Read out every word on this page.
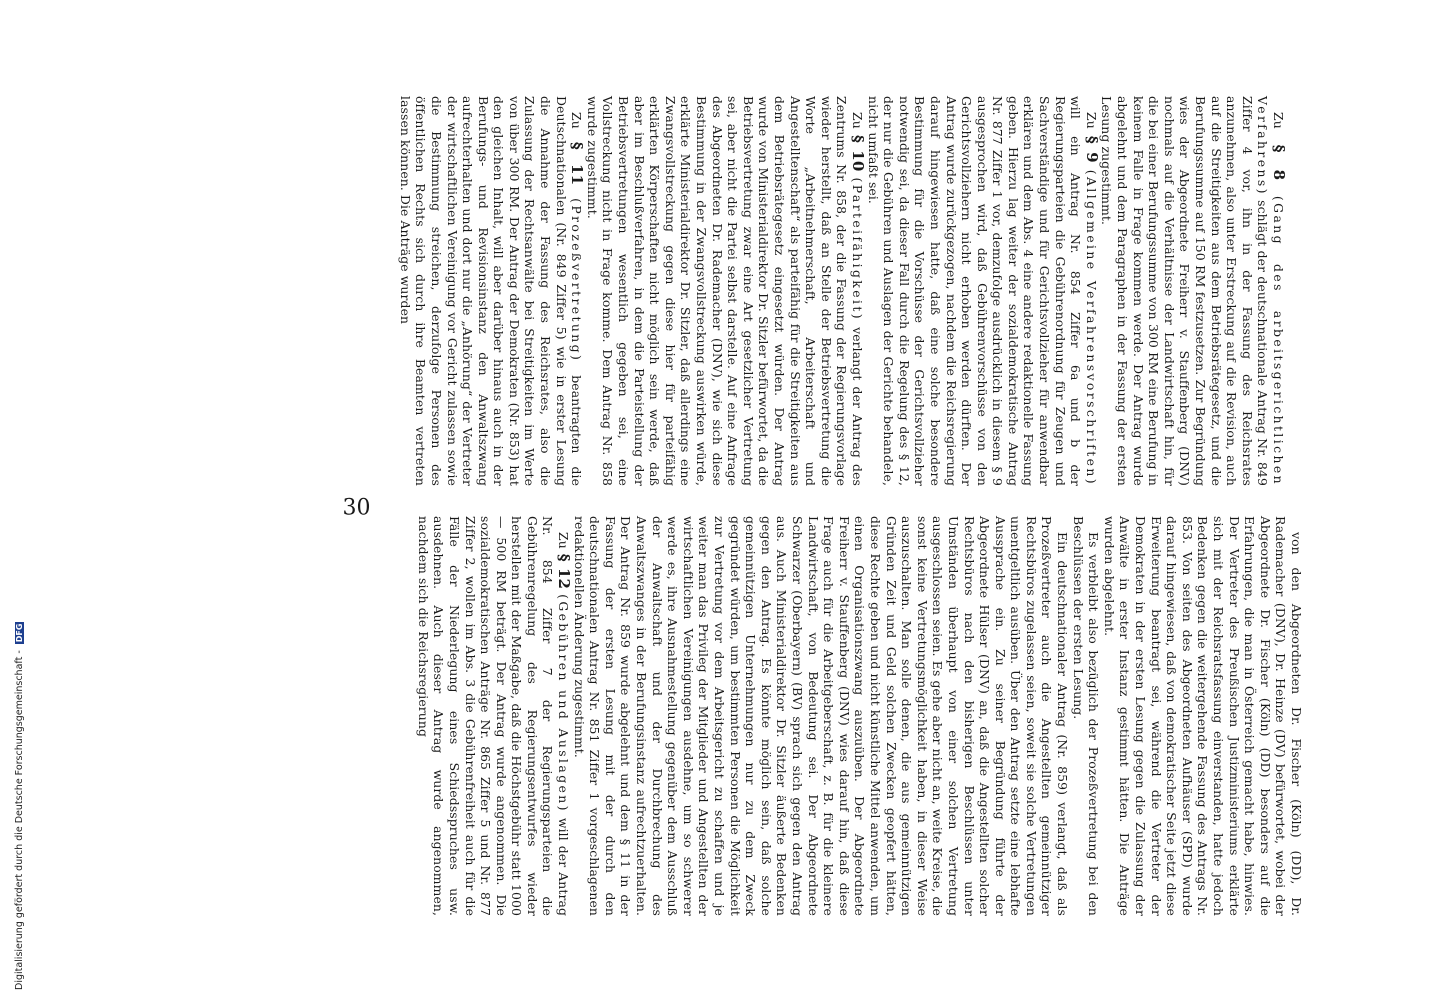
30

Zu § 8 (Gang des arbeitsgerichtlichen Verfahrens) schlägt der deutschnationale Antrag Nr. 849 Ziffer 4 vor, ihn in der Fassung des Reichsrates anzunehmen, also unter Erstreckung auf die Revision, auch auf die Streitigkeiten aus dem Betriebsrätegesetz, und die Berufungssumme auf 150 RM festzusetzen. Zur Begründung wies der Abgeordnete Freiherr v. Stauffenberg (DNV) nochmals auf die Verhältnisse der Landwirtschaft hin, für die bei einer Berufungssumme von 300 RM eine Berufung in keinem Falle in Frage kommen werde. Der Antrag wurde abgelehnt und dem Paragraphen in der Fassung der ersten Lesung zugestimmt.

Zu § 9 (Allgemeine Verfahrensvorschriften) will ein Antrag Nr. 854 Ziffer 6a und b der Regierungsparteien die Gebührenordnung für Zeugen und Sachverständige und für Gerichtsvollzieher für anwendbar erklären und dem Abs. 4 eine andere redaktionelle Fassung geben. Hierzu lag weiter der sozialdemokratische Antrag Nr. 877 Ziffer 1 vor, demzufolge ausdrücklich in diesem § 9 ausgesprochen wird, daß Gebührenvorschüsse von den Gerichtsvollziehern nicht erhoben werden dürften. Der Antrag wurde zurückgezogen, nachdem die Reichsregierung darauf hingewiesen hatte, daß eine solche besondere Bestimmung für die Vorschüsse der Gerichtsvollzieher notwendig sei, da dieser Fall durch die Regelung des § 12, der nur die Gebühren und Auslagen der Gerichte behandele, nicht umfaßt sei.

Zu § 10 (Parteifähigkeit) verlangt der Antrag des Zentrums Nr. 858, der die Fassung der Regierungsvorlage wieder herstellt, daß an Stelle der Betriebsvertretung die Worte „Arbeitnehmerschaft, Arbeiterschaft und Angestelltenschaft“ als parteifähig für die Streitigkeiten aus dem Betriebsrätegesetz eingesetzt würden. Der Antrag wurde von Ministerialdirektor Dr. Sitzler befürwortet, da die Betriebsvertretung zwar eine Art gesetzlicher Vertretung sei, aber nicht die Partei selbst darstelle. Auf eine Anfrage des Abgeordneten Dr. Rademacher (DNV), wie sich diese Bestimmung in der Zwangsvollstreckung auswirken würde, erklärte Ministerialdirektor Dr. Sitzler, daß allerdings eine Zwangsvollstreckung gegen diese hier für parteifähig erklärten Körperschaften nicht möglich sein werde, daß aber im Beschlußverfahren, in dem die Parteistellung der Betriebsvertretungen wesentlich gegeben sei, eine Vollstreckung nicht in Frage komme. Dem Antrag Nr. 858 wurde zugestimmt.

Zu § 11 (Prozeßvertretung) beantragten die Deutschnationalen (Nr. 849 Ziffer 5) wie in erster Lesung die Annahme der Fassung des Reichsrates, also die Zulassung der Rechtsanwälte bei Streitigkeiten im Werte von über 300 RM. Der Antrag der Demokraten (Nr. 853) hat den gleichen Inhalt, will aber darüber hinaus auch in der Berufungs- und Revisionsinstanz den Anwaltszwang aufrechterhalten und dort nur die „Anhörung“ der Vertreter der wirtschaftlichen Vereinigung vor Gericht zulassen sowie die Bestimmung streichen, derzufolge Personen des öffentlichen Rechts sich durch ihre Beamten vertreten lassen können. Die Anträge wurden

von den Abgeordneten Dr. Fischer (Köln) (DD), Dr. Rademacher (DNV), Dr. Heinze (DV) befürwortet, wobei der Abgeordnete Dr. Fischer (Köln) (DD) besonders auf die Erfahrungen, die man in Österreich gemacht habe, hinwies. Der Vertreter des Preußischen Justizministeriums erklärte sich mit der Reichsratsfassung einverstanden, hatte jedoch Bedenken gegen die weitergehende Fassung des Antrags Nr. 853. Von seiten des Abgeordneten Aufhäuser (SPD) wurde darauf hingewiesen, daß von demokratischer Seite jetzt diese Erweiterung beantragt sei, während die Vertreter der Demokraten in der ersten Lesung gegen die Zulassung der Anwälte in erster Instanz gestimmt hätten. Die Anträge wurden abgelehnt.

Es verbleibt also bezüglich der Prozeßvertretung bei den Beschlüssen der ersten Lesung.

Ein deutschnationaler Antrag (Nr. 859) verlangt, daß als Prozeßvertreter auch die Angestellten gemeinnütziger Rechtsbüros zugelassen seien, soweit sie solche Vertretungen unentgeltlich ausüben. Über den Antrag setzte eine lebhafte Aussprache ein. Zu seiner Begründung führte der Abgeordnete Hülser (DNV) an, daß die Angestellten solcher Rechtsbüros nach den bisherigen Beschlüssen unter Umständen überhaupt von einer solchen Vertretung ausgeschlossen seien. Es gehe aber nicht an, weite Kreise, die sonst keine Vertretungsmöglichkeit haben, in dieser Weise auszuschalten. Man solle denen, die aus gemeinnützigen Gründen Zeit und Geld solchen Zwecken geopfert hätten, diese Rechte geben und nicht künstliche Mittel anwenden, um einen Organisationszwang auszuüben. Der Abgeordnete Freiherr v. Stauffenberg (DNV) wies darauf hin, daß diese Frage auch für die Arbeitgeberschaft, z. B. für die kleinere Landwirtschaft, von Bedeutung sei. Der Abgeordnete Schwarzer (Oberbayern) (BV) sprach sich gegen den Antrag aus. Auch Ministerialdirektor Dr. Sitzler äußerte Bedenken gegen den Antrag. Es könnte möglich sein, daß solche gemeinnützigen Unternehmungen nur zu dem Zweck gegründet würden, um bestimmten Personen die Möglichkeit zur Vertretung vor dem Arbeitsgericht zu schaffen und je weiter man das Privileg der Mitglieder und Angestellten der wirtschaftlichen Vereinigungen ausdehne, um so schwerer werde es, ihre Ausnahmestellung gegenüber dem Ausschluß der Anwaltschaft und der Durchbrechung des Anwaltszwanges in der Berufungsinstanz aufrechtzuerhalten. Der Antrag Nr. 859 wurde abgelehnt und dem § 11 in der Fassung der ersten Lesung mit der durch den deutschnationalen Antrag Nr. 851 Ziffer 1 vorgeschlagenen redaktionellen Änderung zugestimmt.

Zu § 12 (Gebühren und Auslagen) will der Antrag Nr. 854 Ziffer 7 der Regierungsparteien die Gebührenregelung des Regierungsentwurfes wieder herstellen mit der Maßgabe, daß die Höchstgebühr statt 1000 — 500 RM beträgt. Der Antrag wurde angenommen. Die sozialdemokratischen Anträge Nr. 865 Ziffer 5 und Nr. 877 Ziffer 2, wollen im Abs. 3 die Gebührenfreiheit auch für die Fälle der Niederlegung eines Schiedsspruches usw. ausdehnen. Auch dieser Antrag wurde angenommen, nachdem sich die Reichsregierung

Digitalisierung gefördert durch die Deutsche Forschungsgemeinschaft - DFG
